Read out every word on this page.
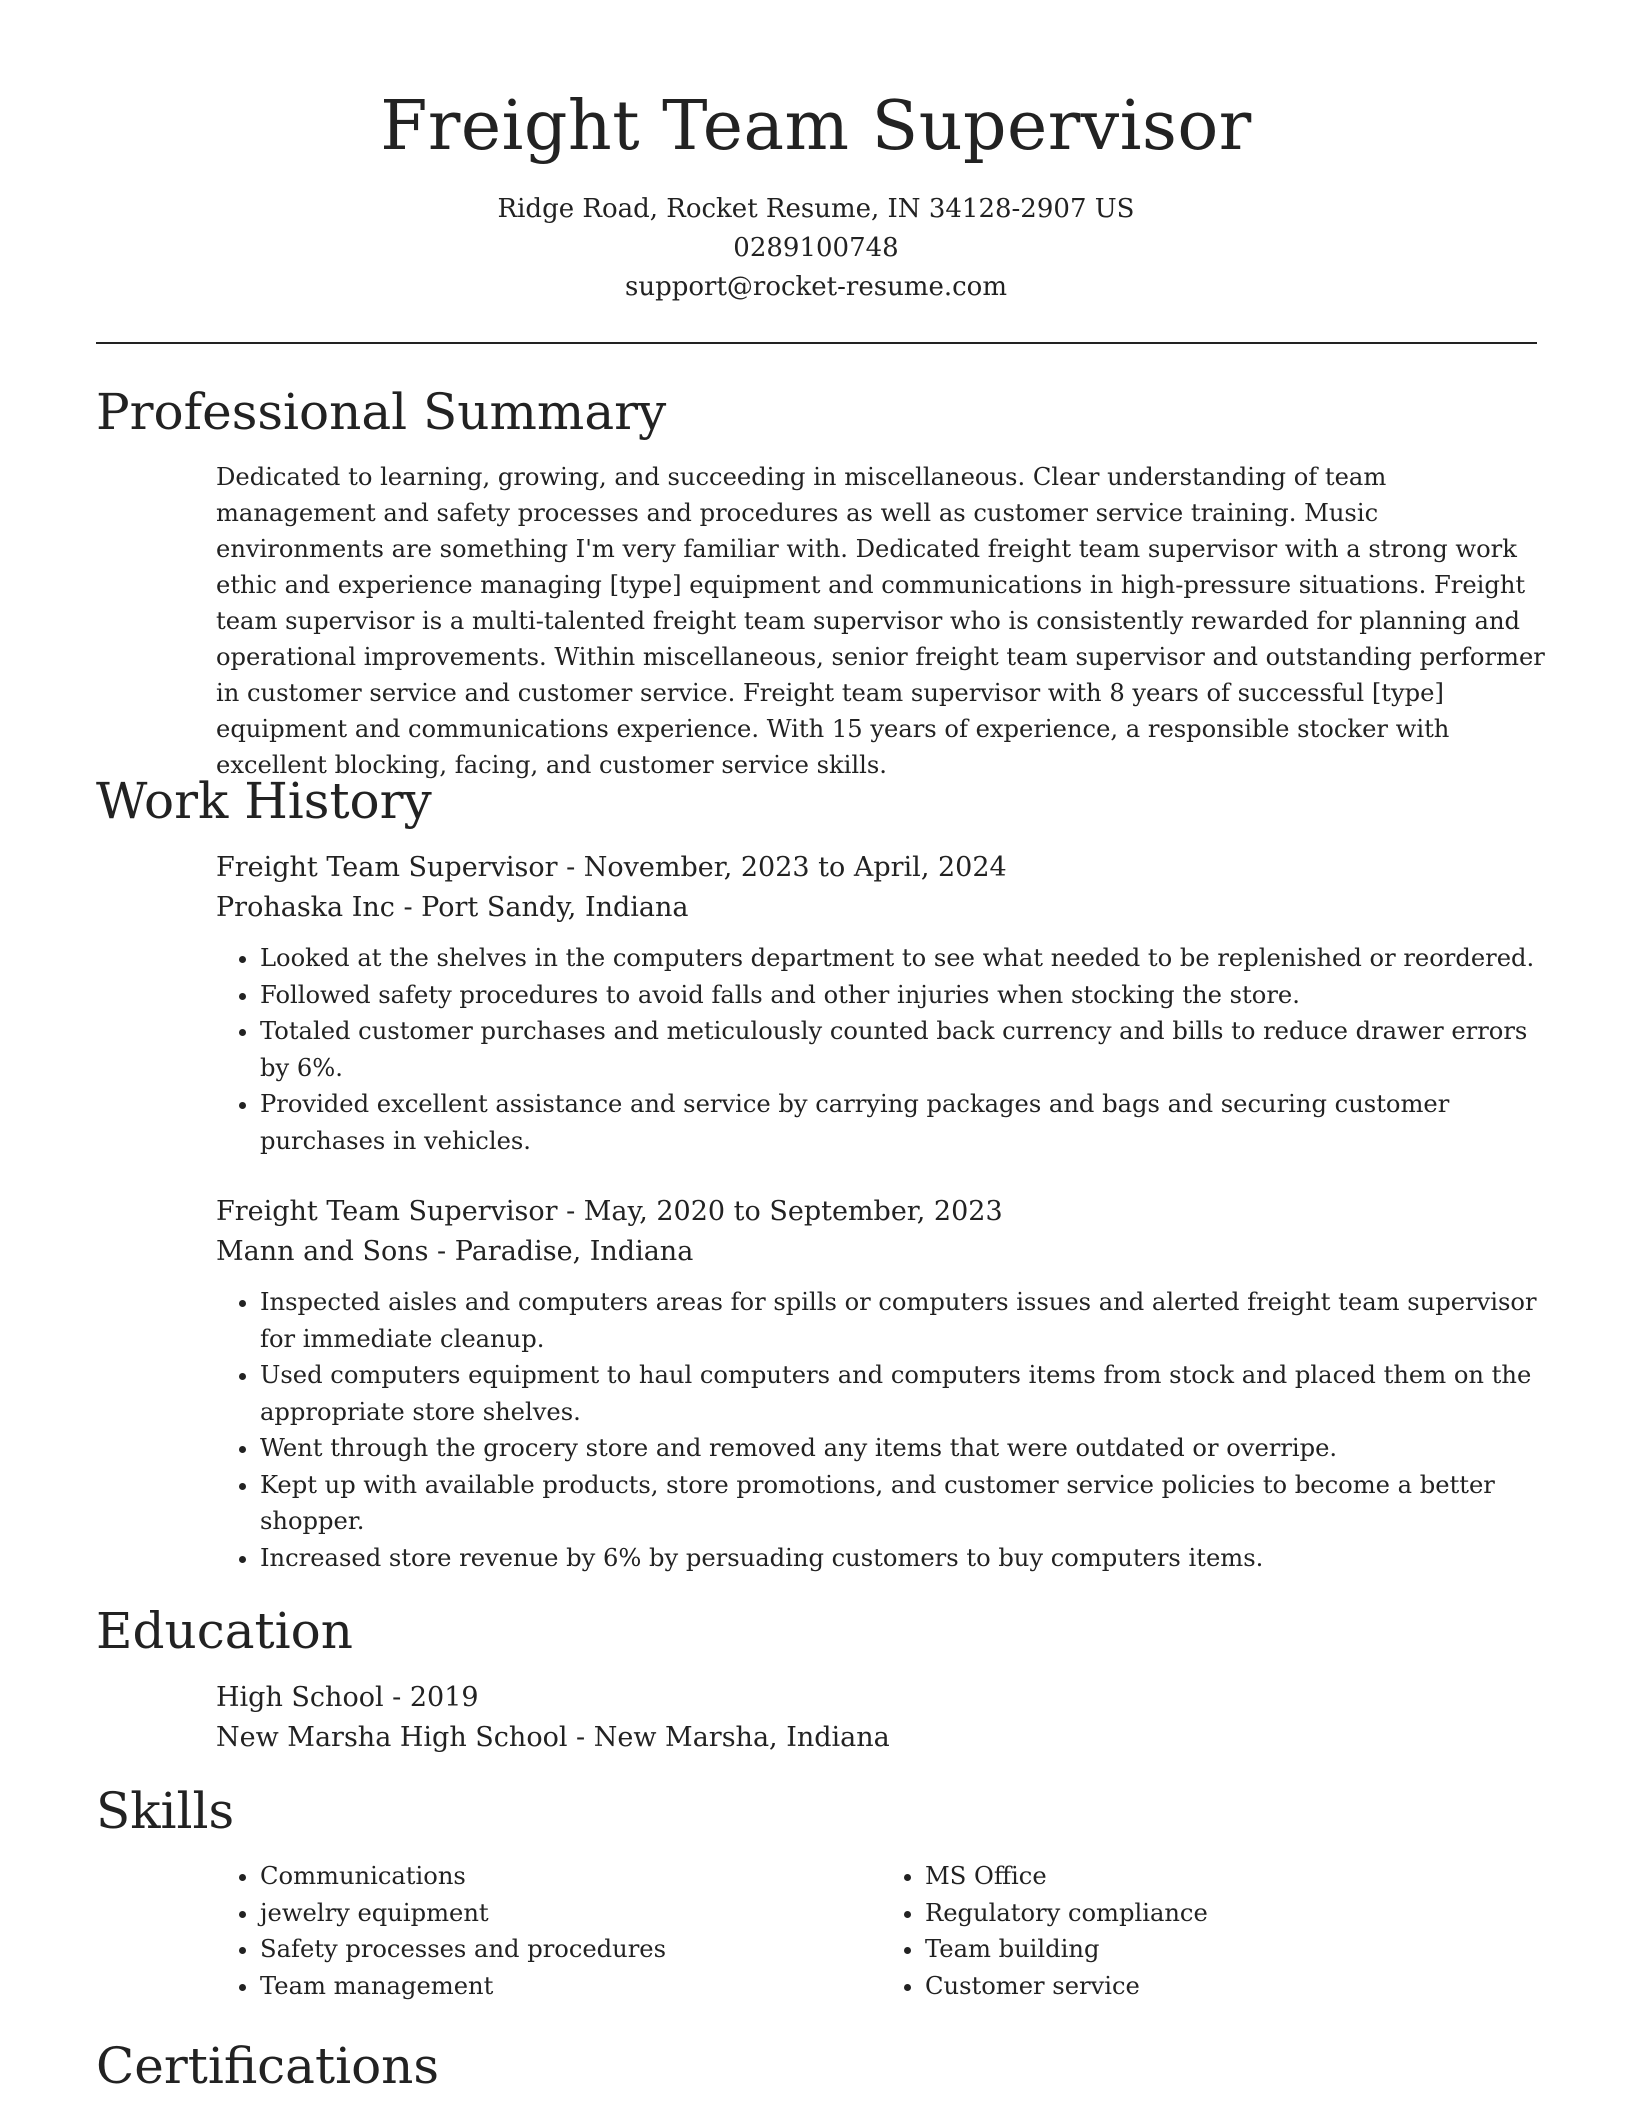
Freight Team Supervisor
Ridge Road, Rocket Resume, IN 34128-2907 US
0289100748
support@rocket-resume.com
Professional Summary

Dedicated to learning, growing, and succeeding in miscellaneous. Clear understanding of team management and safety processes and procedures as well as customer service training. Music environments are something I'm very familiar with. Dedicated freight team supervisor with a strong work ethic and experience managing [type] equipment and communications in high-pressure situations. Freight team supervisor is a multi-talented freight team supervisor who is consistently rewarded for planning and operational improvements. Within miscellaneous, senior freight team supervisor and outstanding performer in customer service and customer service. Freight team supervisor with 8 years of successful [type] equipment and communications experience. With 15 years of experience, a responsible stocker with excellent blocking, facing, and customer service skills.

Work History
Freight Team Supervisor - November, 2023 to April, 2024
Prohaska Inc - Port Sandy, Indiana
• Looked at the shelves in the computers department to see what needed to be replenished or reordered.
• Followed safety procedures to avoid falls and other injuries when stocking the store.
• Totaled customer purchases and meticulously counted back currency and bills to reduce drawer errors by 6%.
• Provided excellent assistance and service by carrying packages and bags and securing customer purchases in vehicles.
Freight Team Supervisor - May, 2020 to September, 2023
Mann and Sons - Paradise, Indiana
• Inspected aisles and computers areas for spills or computers issues and alerted freight team supervisor for immediate cleanup.
• Used computers equipment to haul computers and computers items from stock and placed them on the appropriate store shelves.
• Went through the grocery store and removed any items that were outdated or overripe.
• Kept up with available products, store promotions, and customer service policies to become a better shopper.
• Increased store revenue by 6% by persuading customers to buy computers items.
Education
High School - 2019
New Marsha High School - New Marsha, Indiana
Skills
• Communications
• jewelry equipment
• Safety processes and procedures
• Team management
• MS Office
• Regulatory compliance
• Team building
• Customer service
Certifications
